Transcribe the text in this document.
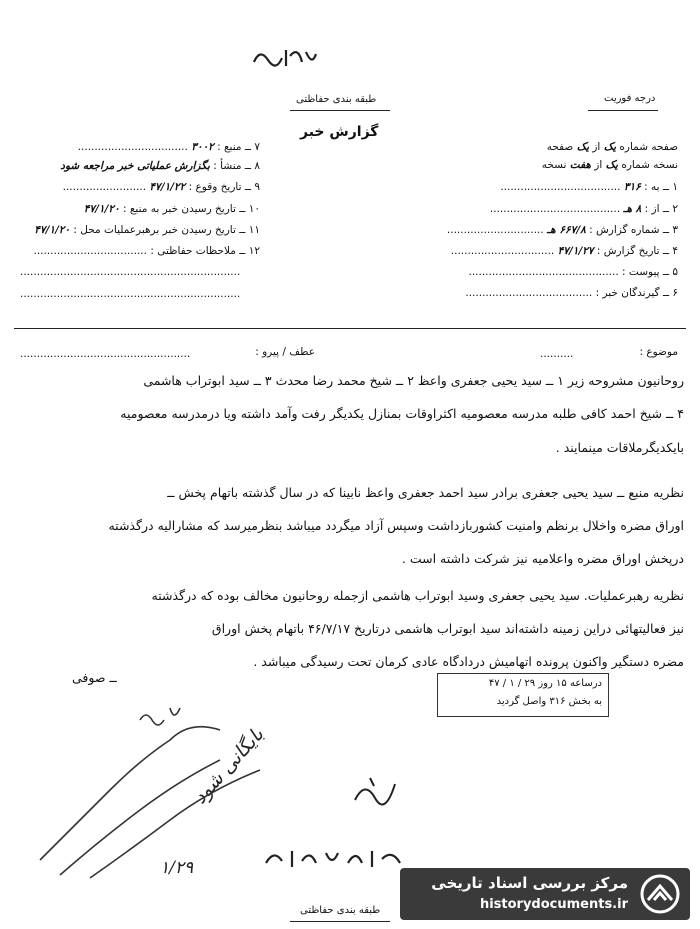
طبقه بندی حفاظتی	درجه فوریت
گزارش خبر
۷ ــ منبع : ۳۰۰۲ .................................
۸ ــ منشأ : بگزارش عملیاتی خبر مراجعه شود
۹ ــ تاریخ وقوع : ۴۷/۱/۲۲ .........................
۱۰ ــ تاریخ رسیدن خبر به منبع : ۴۷/۱/۲۰
۱۱ ــ تاریخ رسیدن خبر برهبرعملیات محل : ۴۷/۱/۲۰
۱۲ ــ ملاحظات حفاظتی : ..................................
..................................................................
..................................................................
صفحه شماره یک از یک صفحه
نسخه شماره یک از هفت نسخه
۱ ــ به : ۳۱۶ ....................................
۲ ــ از : ۸ هـ .......................................
۳ ــ شماره گزارش : ۶۶۷/۸ هـ .............................
۴ ــ تاریخ گزارش : ۴۷/۱/۲۷ ...............................
۵ ــ پیوست : .............................................
۶ ــ گیرندگان خبر : ......................................
موضوع :
..........
عطف / پیرو :
...................................................
روحانیون مشروحه زیر ۱ ــ سید یحیی جعفری واعظ ۲ ــ شیخ محمد رضا محدث ۳ ــ سید ابوتراب هاشمی
۴ ــ شیخ احمد کافی طلبه مدرسه معصومیه اکثراوقات بمنازل یکدیگر رفت وآمد داشته ویا درمدرسه معصومیه
بایکدیگرملاقات مینمایند .
نظریه منبع ــ سید یحیی جعفری برادر سید احمد جعفری واعظ نابینا که در سال گذشته باتهام پخش ــ
اوراق مضره واخلال برنظم وامنیت کشوربازداشت وسپس آزاد میگردد میباشد بنظرمیرسد که مشارالیه درگذشته
درپخش اوراق مضره واعلامیه نیز شرکت داشته است .
نظریه رهبرعملیات. سید یحیی جعفری وسید ابوتراب هاشمی ازجمله روحانیون مخالف بوده که درگذشته
نیز فعالیتهائی دراین زمینه داشته‌اند سید ابوتراب هاشمی درتاریخ ۴۶/۷/۱۷ باتهام پخش اوراق
مضره دستگیر واکنون پرونده اتهامیش دردادگاه عادی کرمان تحت رسیدگی میباشد .
ــ صوفی	درساعه ۱۵ روز ۲۹ / ۱ / ۴۷
به بخش ۳۱۶ واصل گردید
بایگانی شود
۱/۲۹
طبقه بندی حفاظتی
مرکز بررسی اسناد تاریخی
historydocuments.ir
